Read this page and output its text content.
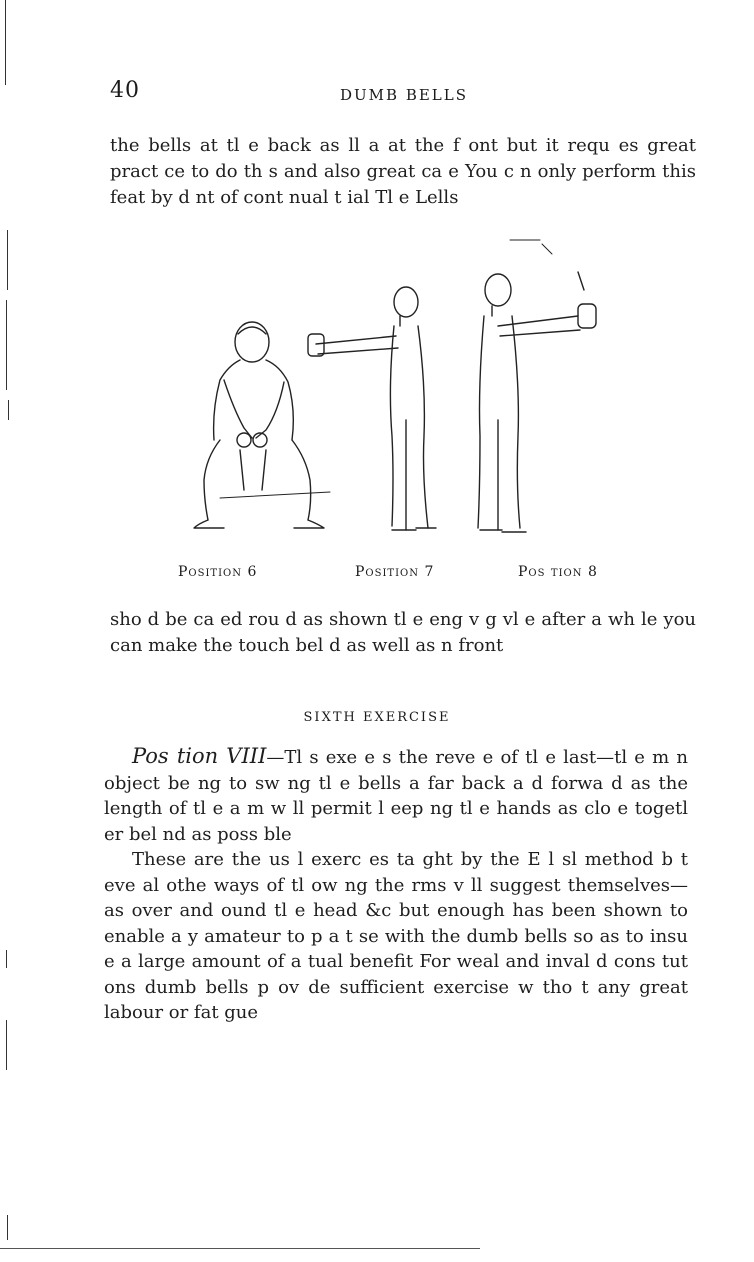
40	DUMB BELLS
the bells at tl e back as ll a at the f ont but it requ es great pract ce to do th s and also great ca e You c n only perform this feat by d nt of cont nual t ial Tl e Lells
Position 6	Position 7	Pos tion 8
sho d be ca ed rou d as shown tl e eng v g vl e after a wh le you can make the touch bel d as well as n front
SIXTH EXERCISE

Pos tion VIII—Tl s exe e s the reve e of tl e last—tl e m n object be ng to sw ng tl e bells a far back a d forwa d as the length of tl e a m w ll permit l eep ng tl e hands as clo e togetl er bel nd as poss ble

These are the us l exerc es ta ght by the E l sl method b t eve al othe ways of tl ow ng the rms v ll suggest themselves—as over and ound tl e head &c but enough has been shown to enable a y amateur to p a t se with the dumb bells so as to insu e a large amount of a tual benefit For weal and inval d cons tut ons dumb bells p ov de sufficient exercise w tho t any great labour or fat gue
